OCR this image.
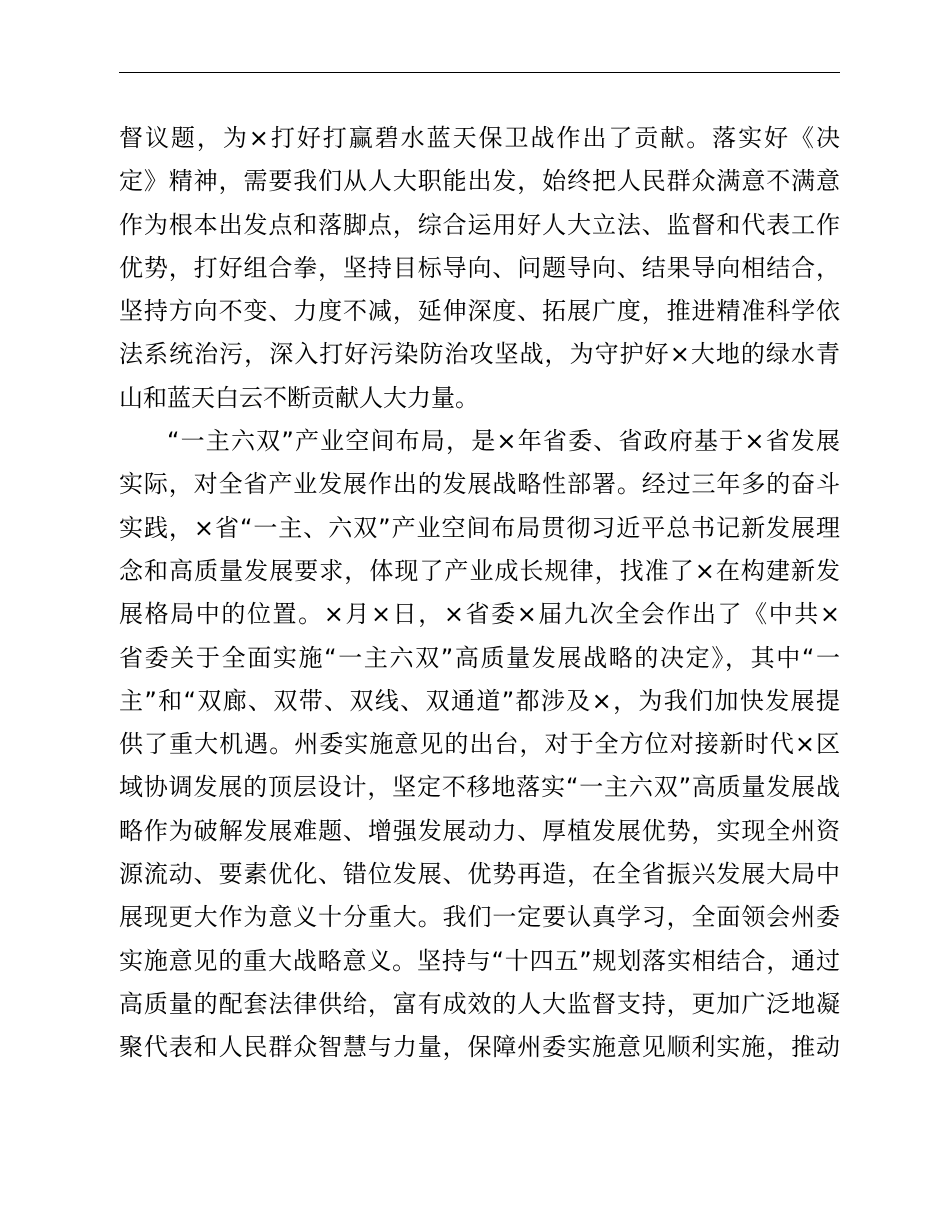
督议题，为×打好打赢碧水蓝天保卫战作出了贡献。落实好《决
定》精神，需要我们从人大职能出发，始终把人民群众满意不满意
作为根本出发点和落脚点，综合运用好人大立法、监督和代表工作
优势，打好组合拳，坚持目标导向、问题导向、结果导向相结合，
坚持方向不变、力度不减，延伸深度、拓展广度，推进精准科学依
法系统治污，深入打好污染防治攻坚战，为守护好×大地的绿水青
山和蓝天白云不断贡献人大力量。
“一主六双”产业空间布局，是×年省委、省政府基于×省发展
实际，对全省产业发展作出的发展战略性部署。经过三年多的奋斗
实践，×省“一主、六双”产业空间布局贯彻习近平总书记新发展理
念和高质量发展要求，体现了产业成长规律，找准了×在构建新发
展格局中的位置。×月×日，×省委×届九次全会作出了《中共×
省委关于全面实施“一主六双”高质量发展战略的决定》，其中“一
主”和“双廊、双带、双线、双通道”都涉及×，为我们加快发展提
供了重大机遇。州委实施意见的出台，对于全方位对接新时代×区
域协调发展的顶层设计，坚定不移地落实“一主六双”高质量发展战
略作为破解发展难题、增强发展动力、厚植发展优势，实现全州资
源流动、要素优化、错位发展、优势再造，在全省振兴发展大局中
展现更大作为意义十分重大。我们一定要认真学习，全面领会州委
实施意见的重大战略意义。坚持与“十四五”规划落实相结合，通过
高质量的配套法律供给，富有成效的人大监督支持，更加广泛地凝
聚代表和人民群众智慧与力量，保障州委实施意见顺利实施，推动
